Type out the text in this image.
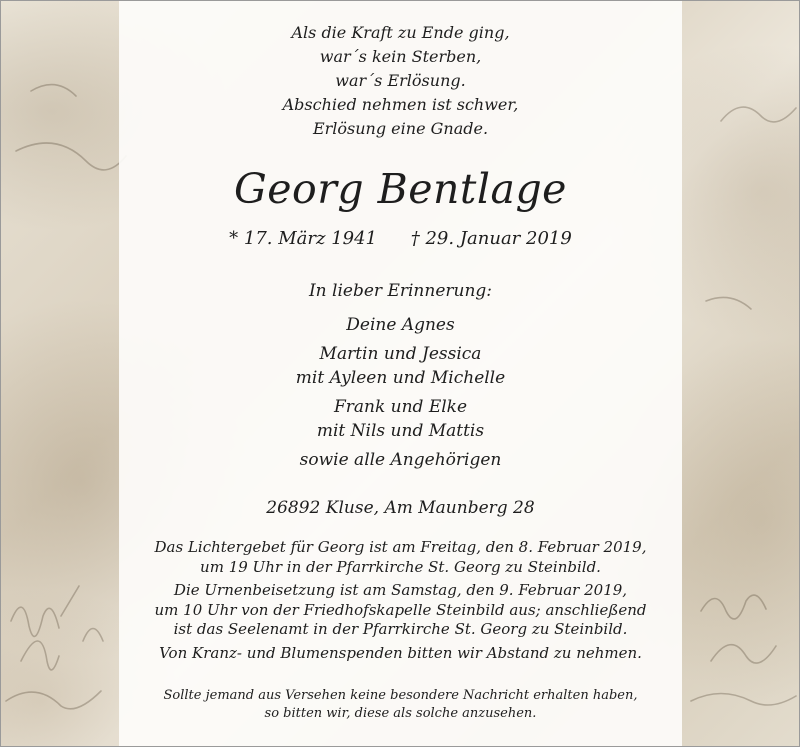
Als die Kraft zu Ende ging,
war´s kein Sterben,
war´s Erlösung.
Abschied nehmen ist schwer,
Erlösung eine Gnade.
Georg Bentlage
* 17. März 1941 † 29. Januar 2019
In lieber Erinnerung:
Deine Agnes
Martin und Jessica
mit Ayleen und Michelle
Frank und Elke
mit Nils und Mattis
sowie alle Angehörigen
26892 Kluse, Am Maunberg 28
Das Lichtergebet für Georg ist am Freitag, den 8. Februar 2019,
um 19 Uhr in der Pfarrkirche St. Georg zu Steinbild.
Die Urnenbeisetzung ist am Samstag, den 9. Februar 2019,
um 10 Uhr von der Friedhofskapelle Steinbild aus; anschließend
ist das Seelenamt in der Pfarrkirche St. Georg zu Steinbild.
Von Kranz- und Blumenspenden bitten wir Abstand zu nehmen.
Sollte jemand aus Versehen keine besondere Nachricht erhalten haben,
so bitten wir, diese als solche anzusehen.
